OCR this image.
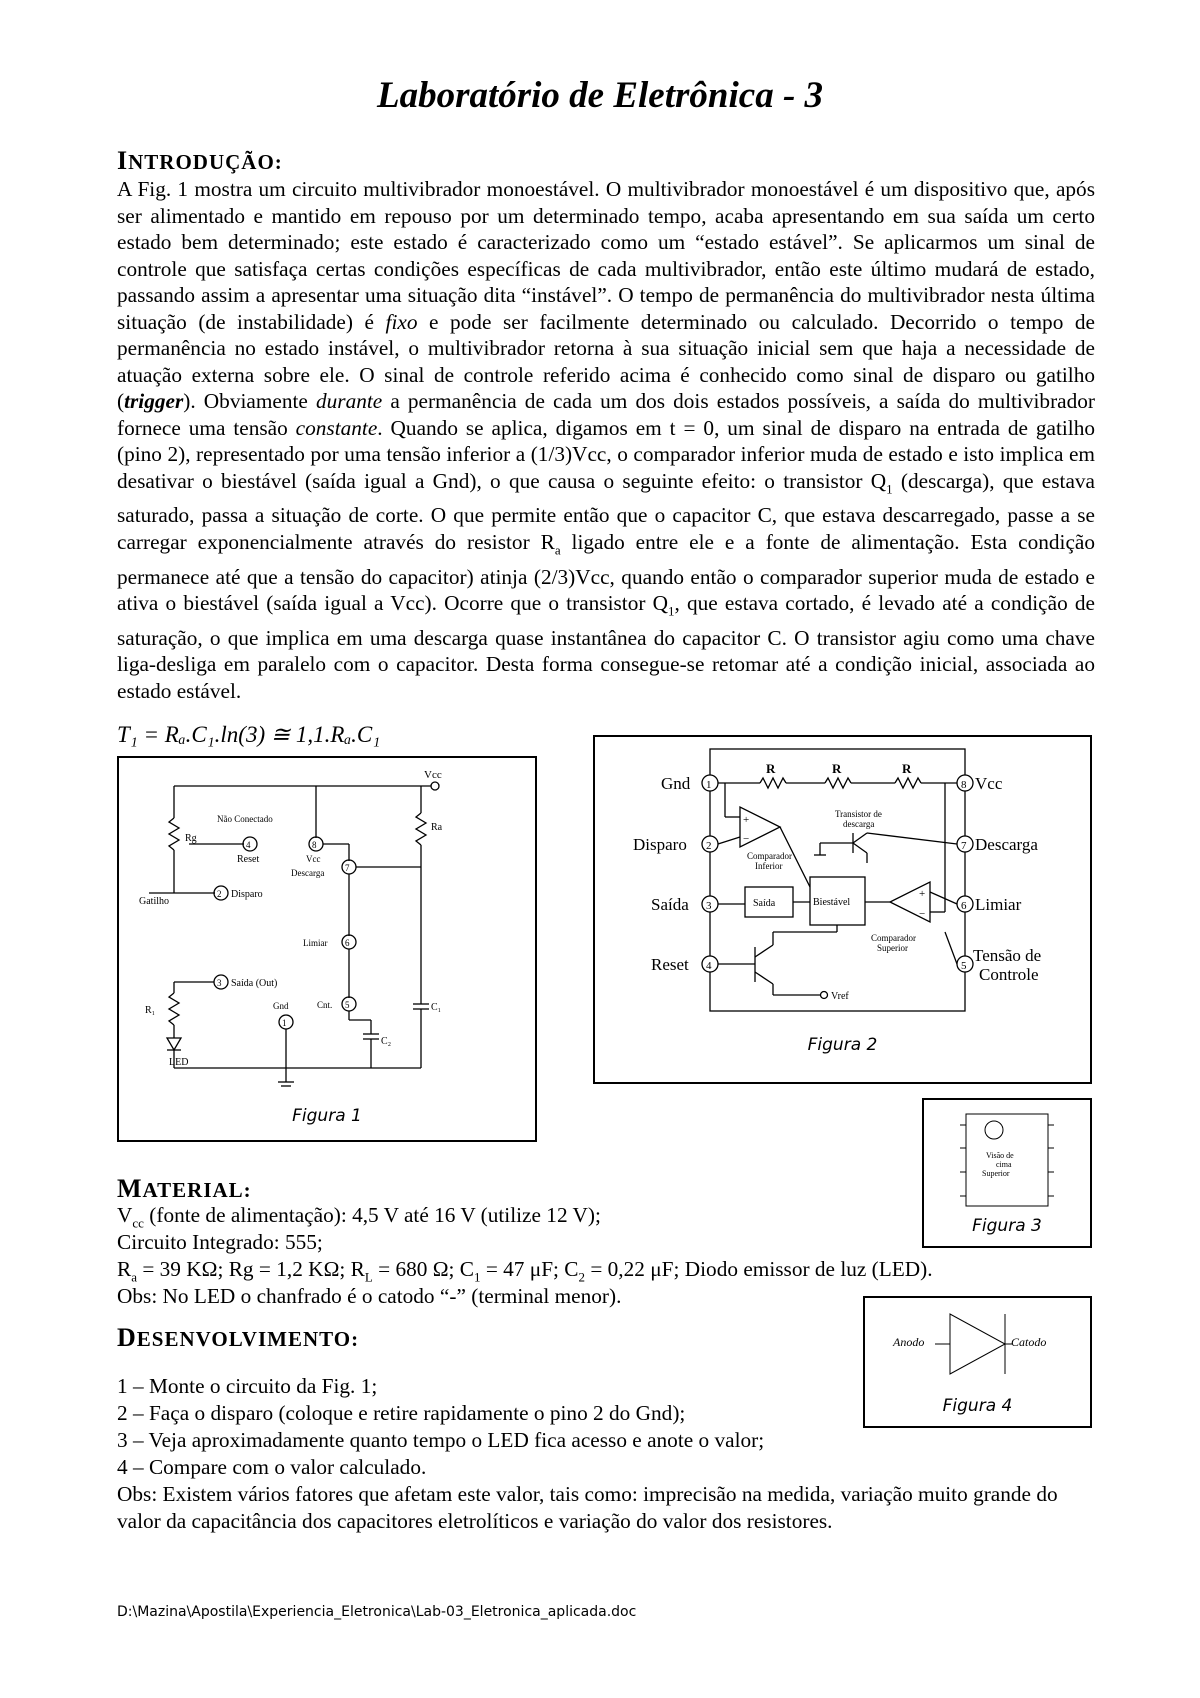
Laboratório de Eletrônica - 3
INTRODUÇÃO:

A Fig. 1 mostra um circuito multivibrador monoestável. O multivibrador monoestável é um dispositivo que, após ser alimentado e mantido em repouso por um determinado tempo, acaba apresentando em sua saída um certo estado bem determinado; este estado é caracterizado como um “estado estável”. Se aplicarmos um sinal de controle que satisfaça certas condições específicas de cada multivibrador, então este último mudará de estado, passando assim a apresentar uma situação dita “instável”. O tempo de permanência do multivibrador nesta última situação (de instabilidade) é fixo e pode ser facilmente determinado ou calculado. Decorrido o tempo de permanência no estado instável, o multivibrador retorna à sua situação inicial sem que haja a necessidade de atuação externa sobre ele. O sinal de controle referido acima é conhecido como sinal de disparo ou gatilho (trigger). Obviamente durante a permanência de cada um dos dois estados possíveis, a saída do multivibrador fornece uma tensão constante. Quando se aplica, digamos em t = 0, um sinal de disparo na entrada de gatilho (pino 2), representado por uma tensão inferior a (1/3)Vcc, o comparador inferior muda de estado e isto implica em desativar o biestável (saída igual a Gnd), o que causa o seguinte efeito: o transistor $Q_1$ (descarga), que estava saturado, passa a situação de corte. O que permite então que o capacitor C, que estava descarregado, passe a se carregar exponencialmente através do resistor $R_a$ ligado entre ele e a fonte de alimentação. Esta condição permanece até que a tensão do capacitor) atinja (2/3)Vcc, quando então o comparador superior muda de estado e ativa o biestável (saída igual a Vcc). Ocorre que o transistor $Q_1$, que estava cortado, é levado até a condição de saturação, o que implica em uma descarga quase instantânea do capacitor C. O transistor agiu como uma chave liga-desliga em paralelo com o capacitor. Desta forma consegue-se retomar até a condição inicial, associada ao estado estável.

T₁ = Rₐ.C₁.ln(3) ≅ 1,1.Rₐ.C₁
Vcc
Rg
Gatilho
Ra
8
Vcc
4
Reset
Não Conectado
7
Descarga
2 Disparo
6
Limiar
3 Saída (Out)
R₁
LED
5
Cnt.
C₂
C₁
1
Gnd
Figura 1
Gnd 1
Disparo 2
Saída 3
Reset 4
8 Vcc
7 Descarga
6 Limiar
5
Tensão de
Controle
R	R	R
+
−
Comparador
Inferior
Transistor de
descarga
Saída	Biestável
+
−
Comparador
Superior
Vref
Figura 2
Visão de
cima
Superior
Figura 3
Anodo	Catodo
Figura 4
MATERIAL:
$V_{cc}$ (fonte de alimentação): 4,5 V até 16 V (utilize 12 V);
Circuito Integrado: 555;
$R_a = 39$ KΩ; Rg = 1,2 KΩ; $R_L = 680$ Ω; $C_1 = 47$ μF; $C_2 = 0,22$ μF; Diodo emissor de luz (LED).
Obs: No LED o chanfrado é o catodo “-” (terminal menor).
DESENVOLVIMENTO:
1 – Monte o circuito da Fig. 1;
2 – Faça o disparo (coloque e retire rapidamente o pino 2 do Gnd);
3 – Veja aproximadamente quanto tempo o LED fica acesso e anote o valor;
4 – Compare com o valor calculado.
Obs: Existem vários fatores que afetam este valor, tais como: imprecisão na medida, variação muito grande do valor da capacitância dos capacitores eletrolíticos e variação do valor dos resistores.
D:\Mazina\Apostila\Experiencia_Eletronica\Lab-03_Eletronica_aplicada.doc
